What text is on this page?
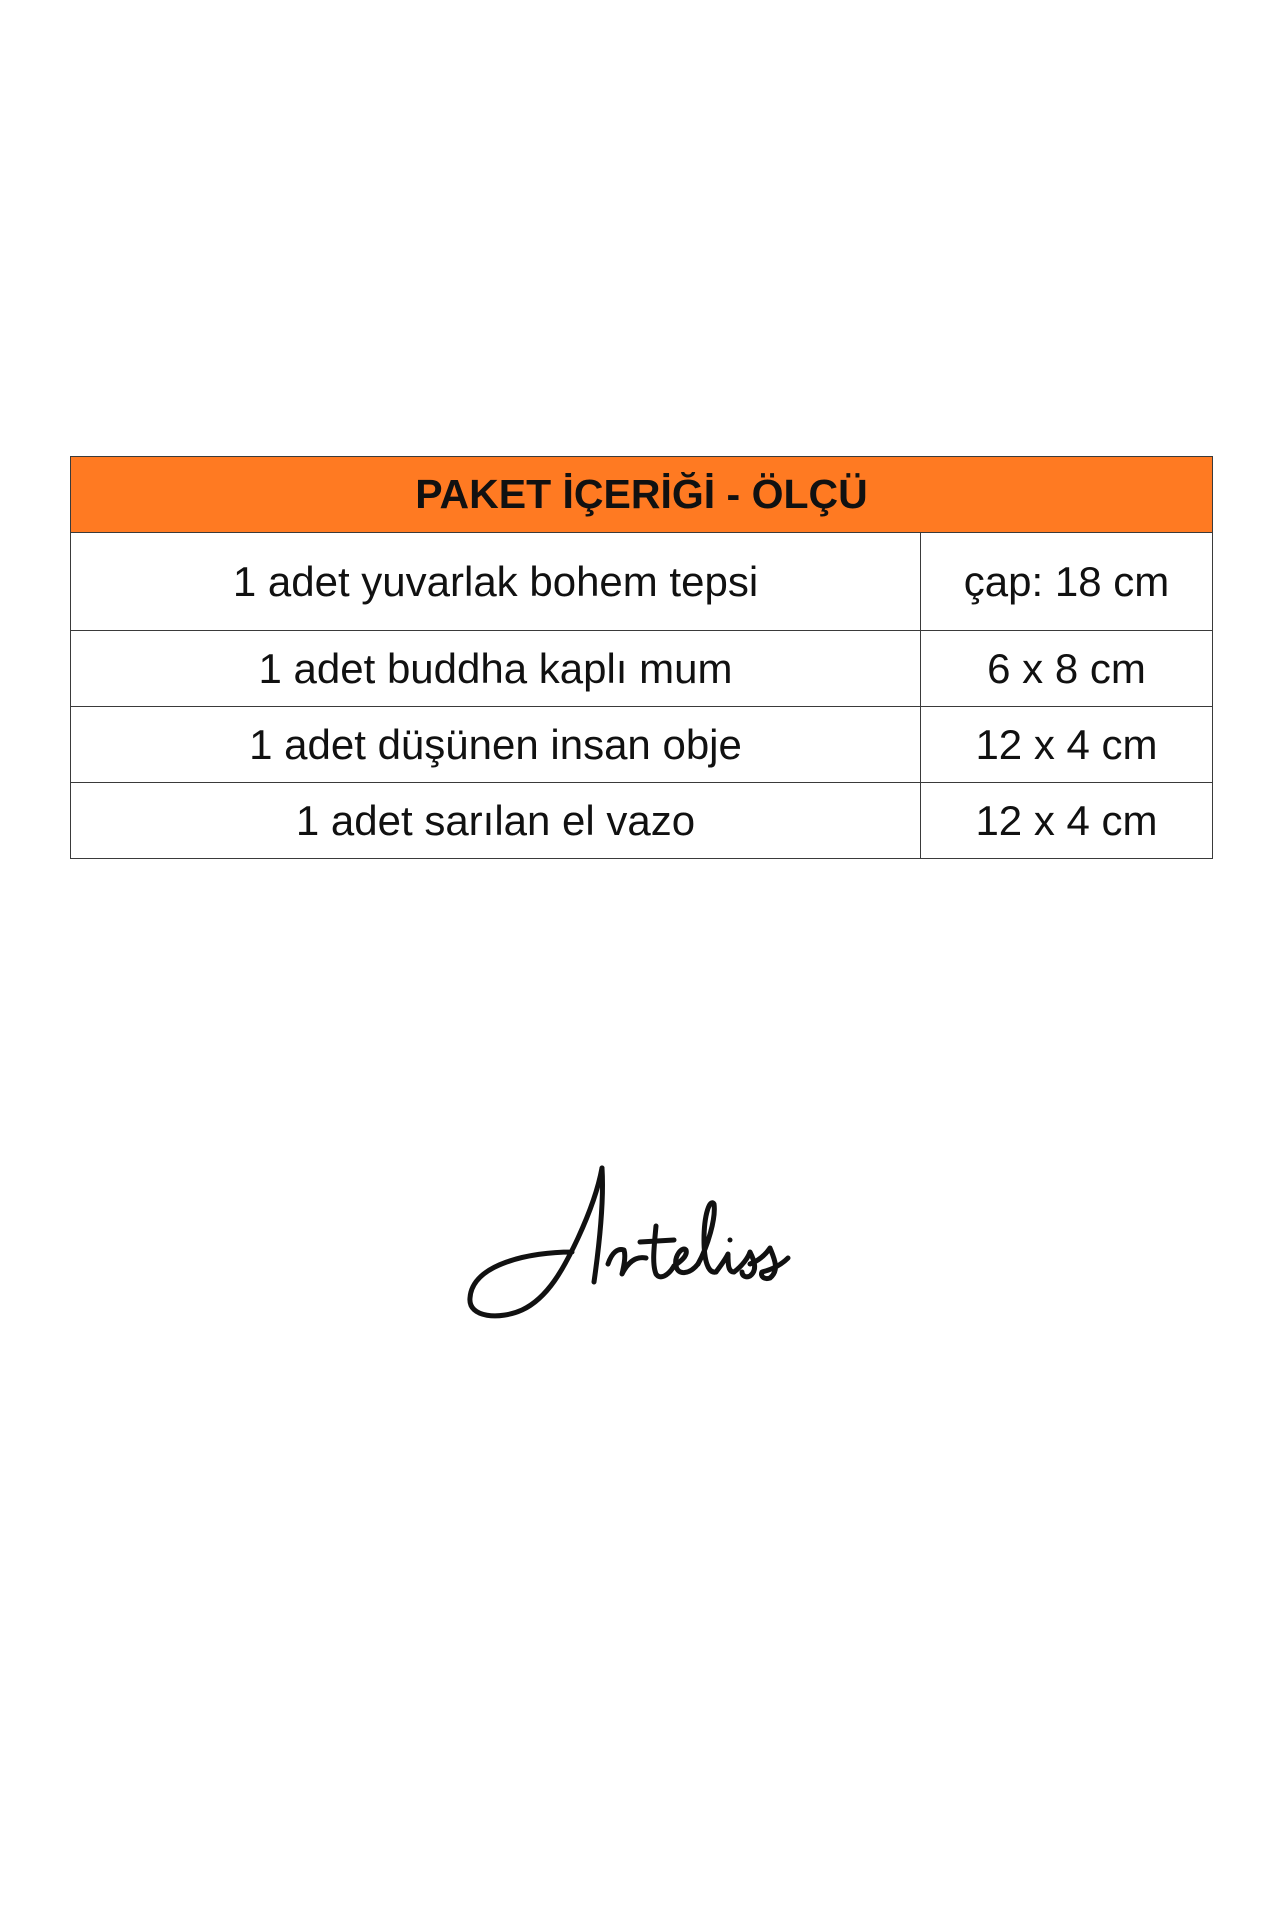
PAKET İÇERİĞİ - ÖLÇÜ	
1 adet yuvarlak bohem tepsi	çap: 18 cm
1 adet buddha kaplı mum	6 x 8 cm
1 adet düşünen insan obje	12 x 4 cm
1 adet sarılan el vazo	12 x 4 cm
